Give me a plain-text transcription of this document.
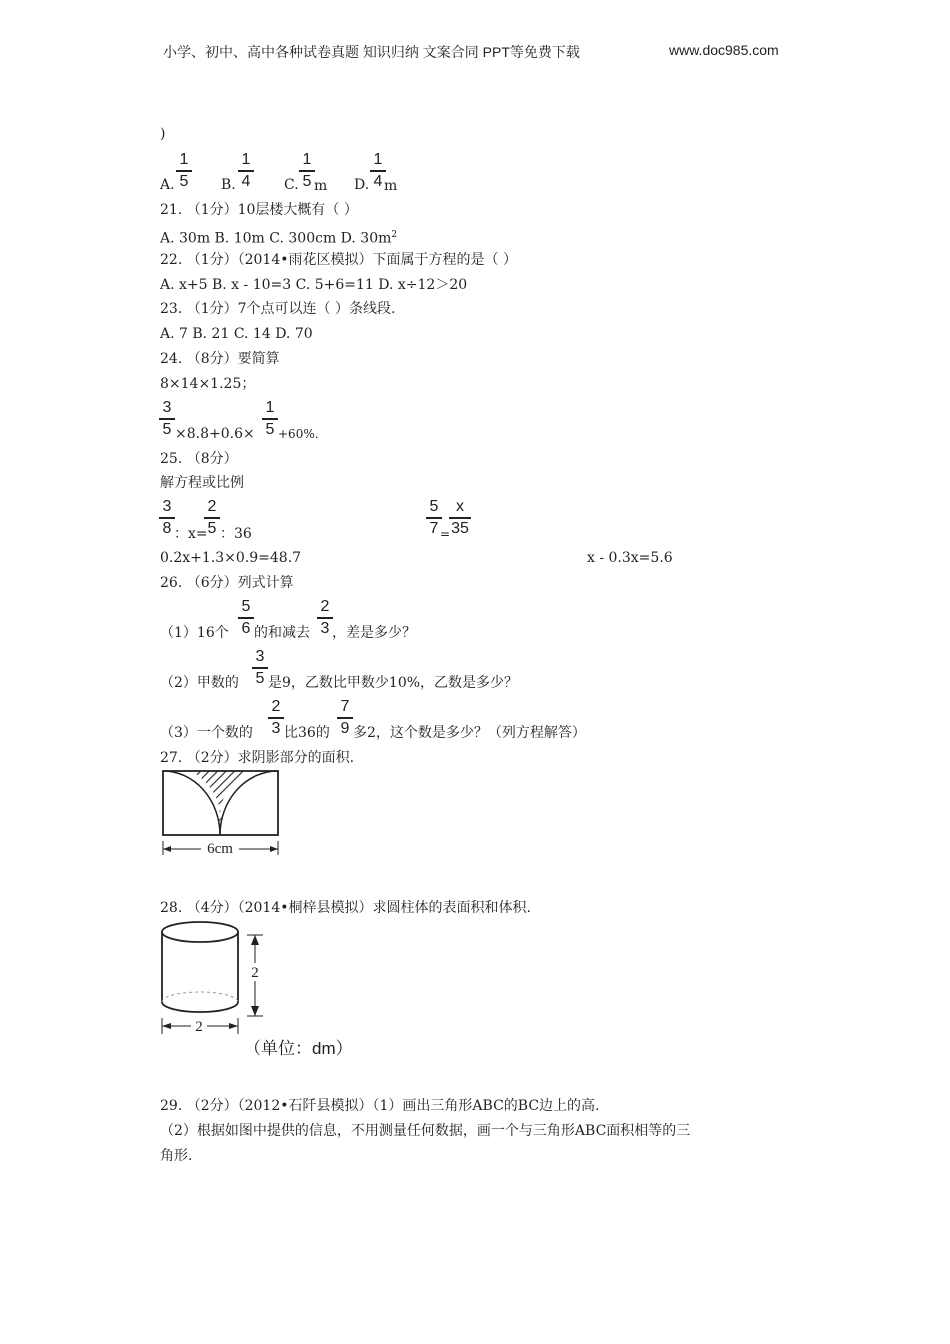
小学、初中、高中各种试卷真题 知识归纳 文案合同 PPT等免费下载	www.doc985.com
)
A.
1
5 B.
1
4 C.
1
5 m D.
1
4 m
21. （1分）10层楼大概有（ ）
A. 30m B. 10m C. 300cm D. $30m^2$
22. （1分）（2014•雨花区模拟）下面属于方程的是（ ）
A. x+5 B. x - 10=3 C. 5+6=11 D. x÷12＞20
23. （1分）7个点可以连（ ）条线段.
A. 7 B. 21 C. 14 D. 70
24. （8分）要简算
8×14×1.25；
3
5 ×8.8+0.6×
1
5 +60%.
25. （8分）
解方程或比例
3
8 ：x=
2
5 ：36
5
7 =
x
35
0.2x+1.3×0.9=48.7	x - 0.3x=5.6
26. （6分）列式计算
（1）16个
5
6 的和减去
2
3 ，差是多少？
（2）甲数的
3
5 是9，乙数比甲数少10%，乙数是多少？
（3）一个数的
2
3 比36的
7
9 多2，这个数是多少？（列方程解答）
27. （2分）求阴影部分的面积.
6cm
28. （4分）（2014•桐梓县模拟）求圆柱体的表面积和体积.
2
2
（单位：dm）
29. （2分）（2012•石阡县模拟）（1）画出三角形ABC的BC边上的高.
（2）根据如图中提供的信息，不用测量任何数据，画一个与三角形ABC面积相等的三
角形.
